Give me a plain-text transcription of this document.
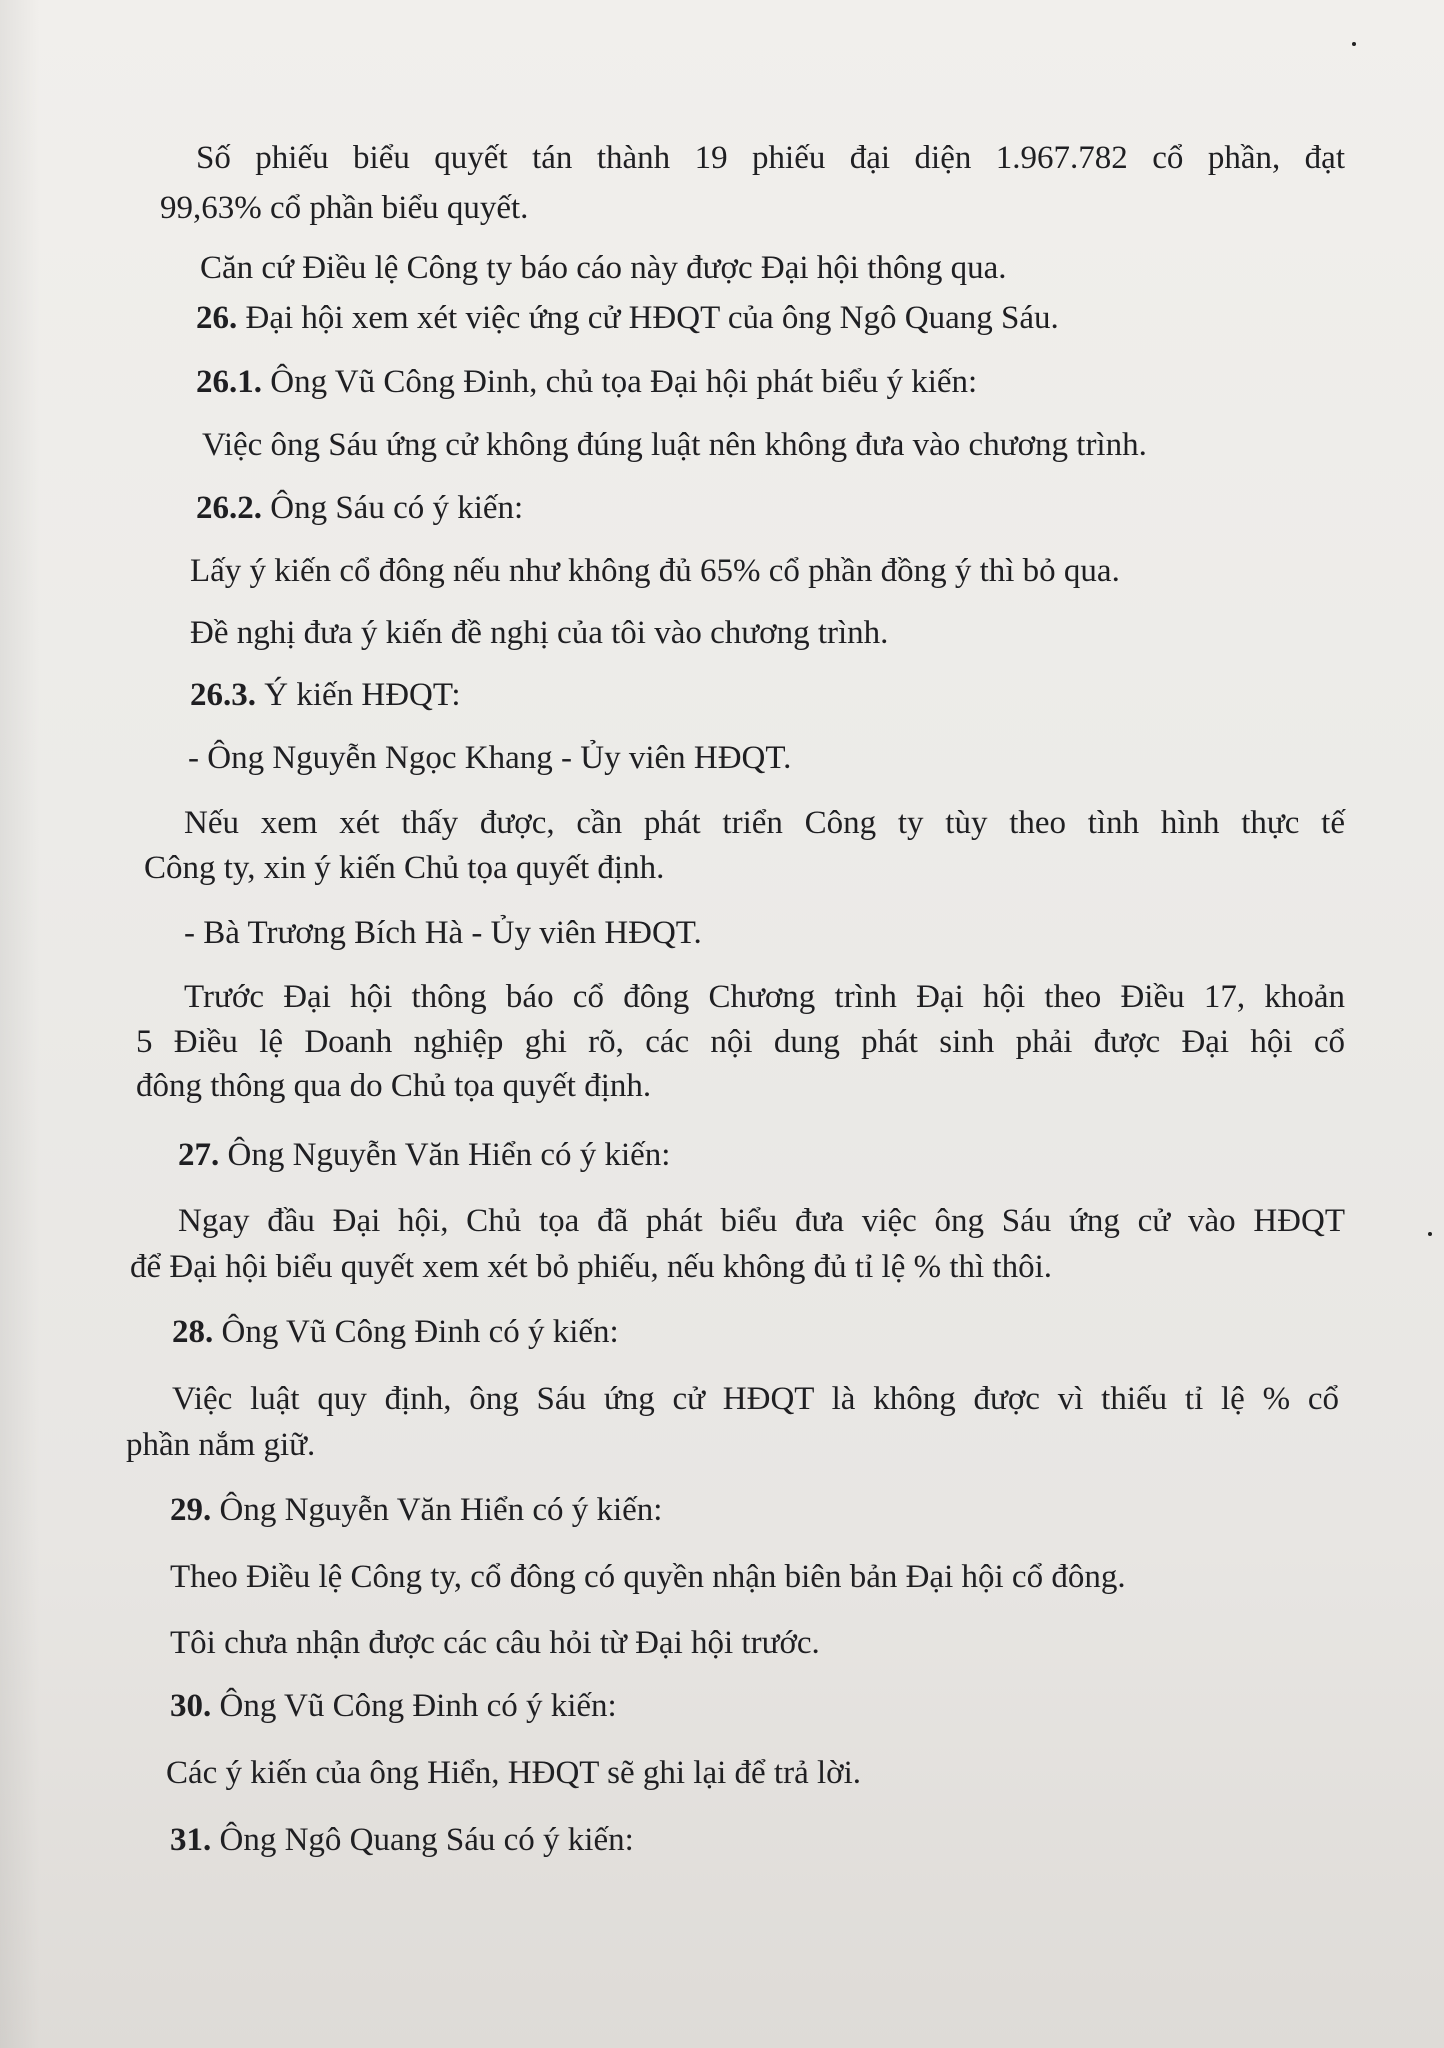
Số phiếu biểu quyết tán thành 19 phiếu đại diện 1.967.782 cổ phần, đạt
99,63% cổ phần biểu quyết.
Căn cứ Điều lệ Công ty báo cáo này được Đại hội thông qua.
26. Đại hội xem xét việc ứng cử HĐQT của ông Ngô Quang Sáu.
26.1. Ông Vũ Công Đinh, chủ tọa Đại hội phát biểu ý kiến:
Việc ông Sáu ứng cử không đúng luật nên không đưa vào chương trình.
26.2. Ông Sáu có ý kiến:
Lấy ý kiến cổ đông nếu như không đủ 65% cổ phần đồng ý thì bỏ qua.
Đề nghị đưa ý kiến đề nghị của tôi vào chương trình.
26.3. Ý kiến HĐQT:
- Ông Nguyễn Ngọc Khang - Ủy viên HĐQT.
Nếu xem xét thấy được, cần phát triển Công ty tùy theo tình hình thực tế
Công ty, xin ý kiến Chủ tọa quyết định.
- Bà Trương Bích Hà - Ủy viên HĐQT.
Trước Đại hội thông báo cổ đông Chương trình Đại hội theo Điều 17, khoản
5 Điều lệ Doanh nghiệp ghi rõ, các nội dung phát sinh phải được Đại hội cổ
đông thông qua do Chủ tọa quyết định.
27. Ông Nguyễn Văn Hiển có ý kiến:
Ngay đầu Đại hội, Chủ tọa đã phát biểu đưa việc ông Sáu ứng cử vào HĐQT
để Đại hội biểu quyết xem xét bỏ phiếu, nếu không đủ tỉ lệ % thì thôi.
28. Ông Vũ Công Đinh có ý kiến:
Việc luật quy định, ông Sáu ứng cử HĐQT là không được vì thiếu tỉ lệ % cổ
phần nắm giữ.
29. Ông Nguyễn Văn Hiển có ý kiến:
Theo Điều lệ Công ty, cổ đông có quyền nhận biên bản Đại hội cổ đông.
Tôi chưa nhận được các câu hỏi từ Đại hội trước.
30. Ông Vũ Công Đinh có ý kiến:
Các ý kiến của ông Hiển, HĐQT sẽ ghi lại để trả lời.
31. Ông Ngô Quang Sáu có ý kiến:
